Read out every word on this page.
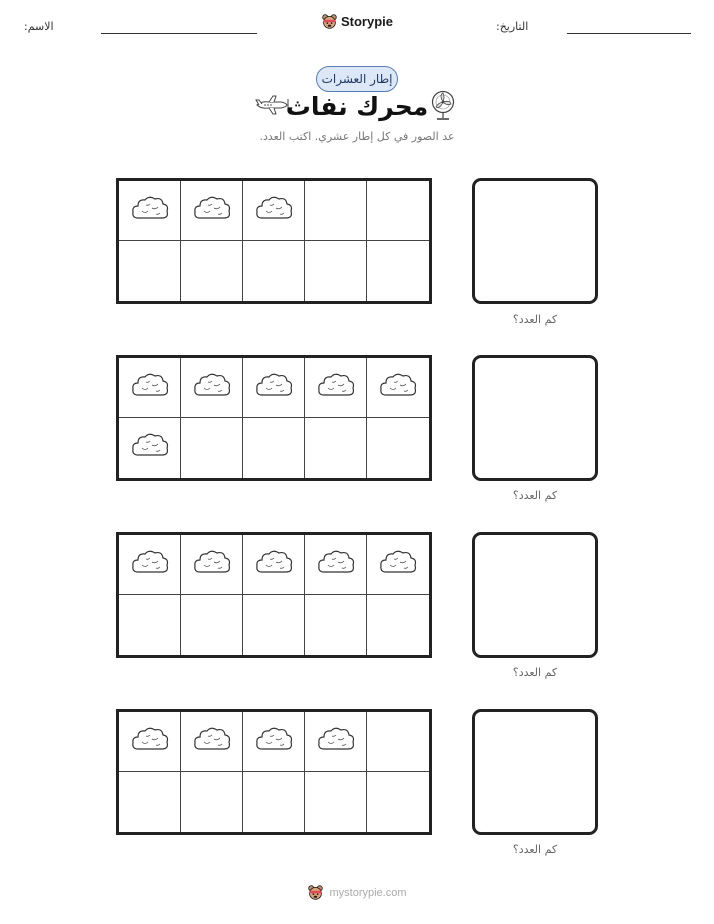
الاسم:	Storypie	التاريخ:
إطار العشرات
محرك نفاث
عد الصور في كل إطار عشري. اكتب العدد.
كم العدد؟
كم العدد؟
كم العدد؟
كم العدد؟
mystorypie.com
